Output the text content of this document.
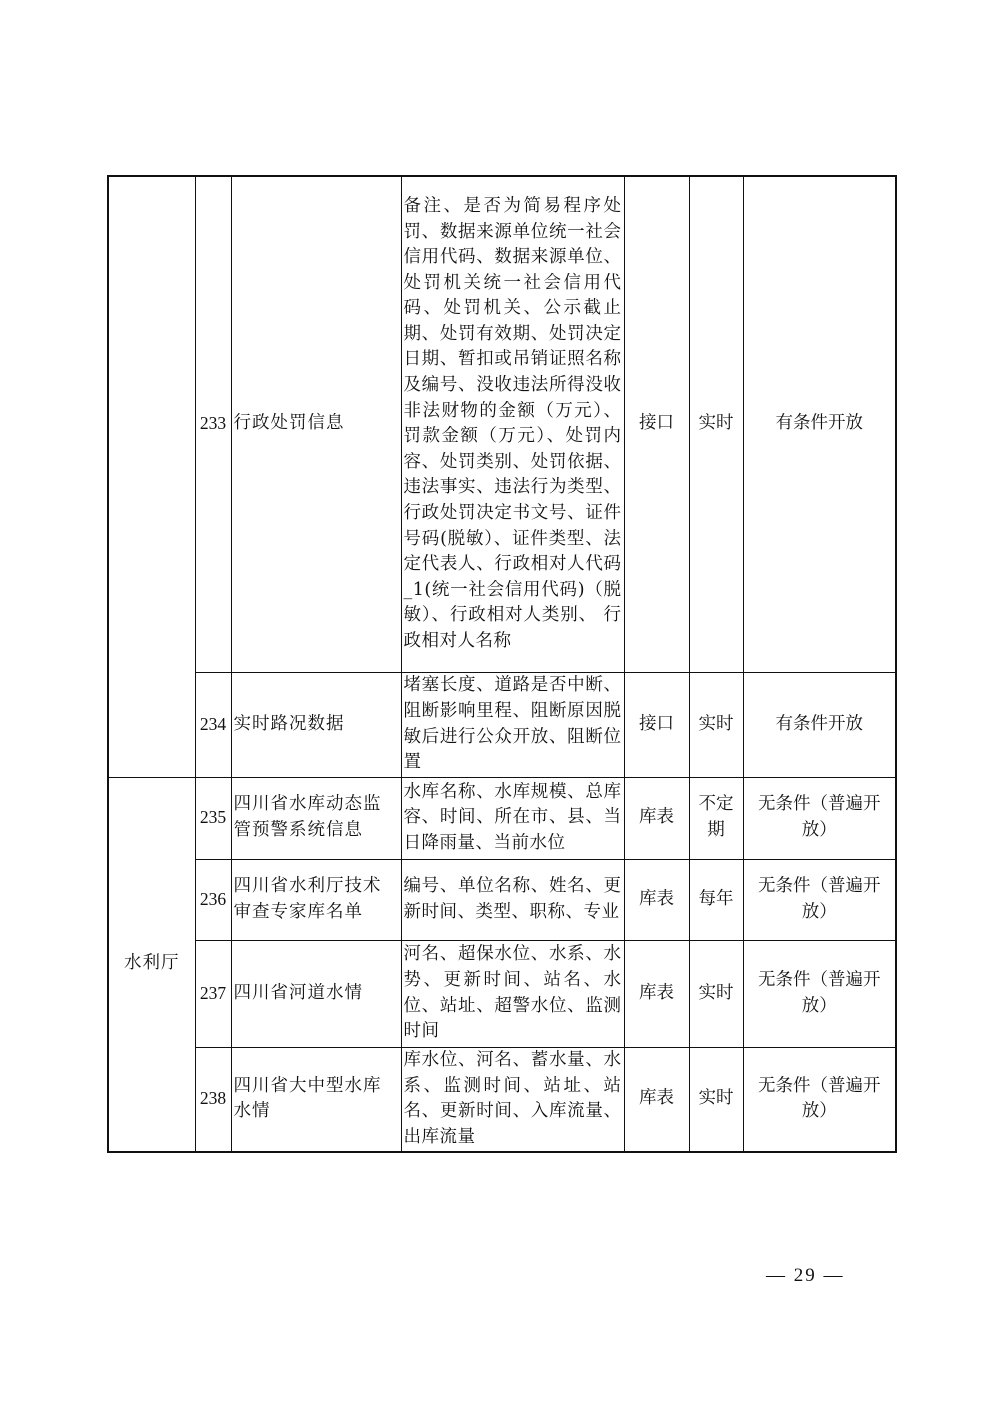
	233	行政处罚信息	备注、是否为简易程序处罚、数据来源单位统一社会信用代码、数据来源单位、处罚机关统一社会信用代码、处罚机关、公示截止期、处罚有效期、处罚决定日期、暂扣或吊销证照名称及编号、没收违法所得没收非法财物的金额（万元）、罚款金额（万元）、处罚内容、处罚类别、处罚依据、违法事实、违法行为类型、行政处罚决定书文号、证件号码(脱敏）、证件类型、法定代表人、行政相对人代码_1(统一社会信用代码)（脱敏）、行政相对人类别、 行政相对人名称	接口	实时	有条件开放
	234	实时路况数据	堵塞长度、道路是否中断、阻断影响里程、阻断原因脱敏后进行公众开放、阻断位置	接口	实时	有条件开放
水利厅	235	四川省水库动态监管预警系统信息	水库名称、水库规模、总库容、时间、所在市、县、当日降雨量、当前水位	库表	不定期	无条件（普遍开放）
	236	四川省水利厅技术审查专家库名单	编号、单位名称、姓名、更新时间、类型、职称、专业	库表	每年	无条件（普遍开放）
	237	四川省河道水情	河名、超保水位、水系、水势、更新时间、站名、水位、站址、超警水位、监测时间	库表	实时	无条件（普遍开放）
	238	四川省大中型水库水情	库水位、河名、蓄水量、水系、监测时间、站址、站名、更新时间、入库流量、出库流量	库表	实时	无条件（普遍开放）
— 29 —
